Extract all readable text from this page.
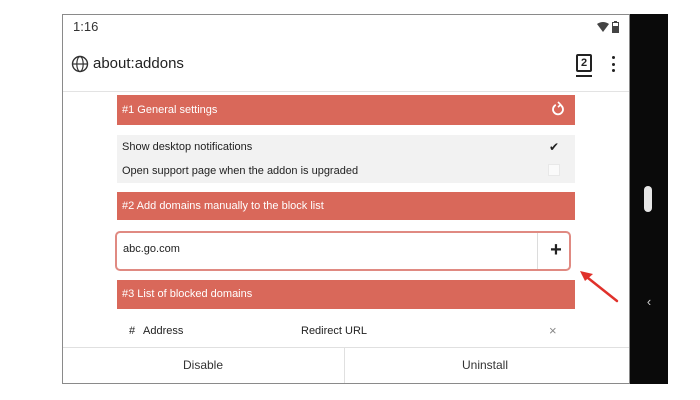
1:16
about:addons	2
#1 General settings
Show desktop notifications	✔
Open support page when the addon is upgraded
#2 Add domains manually to the block list
abc.go.com
+
#3 List of blocked domains
# Address	Redirect URL	×
Disable	Uninstall
‹
